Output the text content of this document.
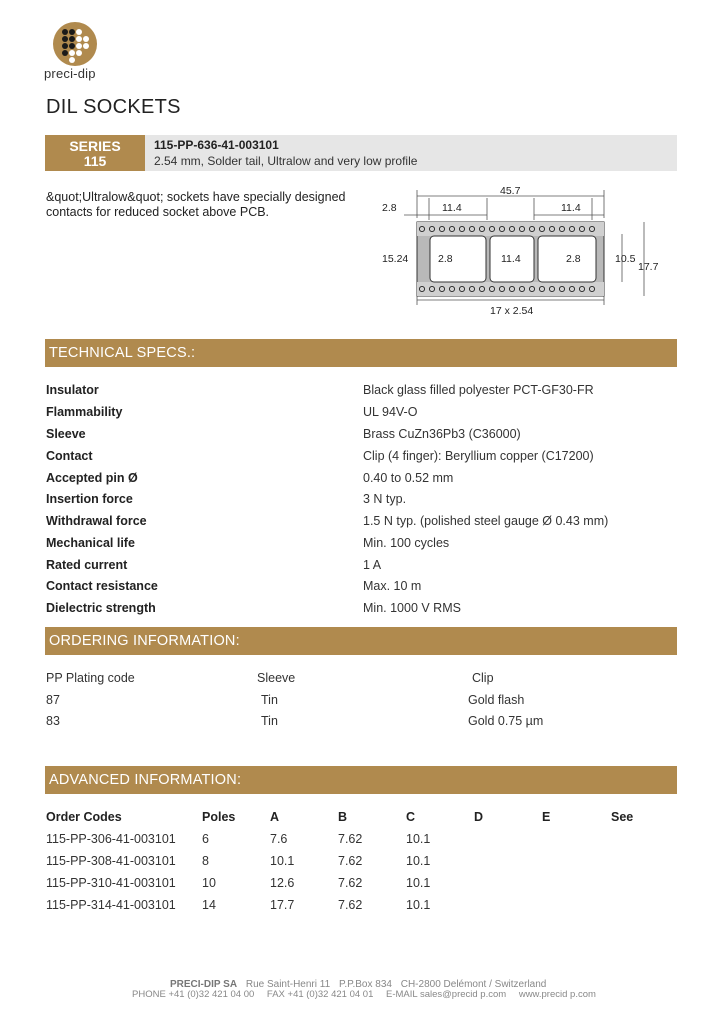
preci-dip
DIL SOCKETS
SERIES
115
115-PP-636-41-003101
2.54 mm, Solder tail, Ultralow and very low profile
&quot;Ultralow&quot; sockets have specially designed contacts for reduced socket above PCB.
45.7
2.8	11.4	11.4
15.24	2.8	11.4	2.8	10.5
17.7
17 x 2.54
TECHNICAL SPECS.:
Insulator	Black glass filled polyester PCT-GF30-FR
Flammability	UL 94V-O
Sleeve	Brass CuZn36Pb3 (C36000)
Contact	Clip (4 finger): Beryllium copper (C17200)
Accepted pin Ø	0.40 to 0.52 mm
Insertion force	3 N typ.
Withdrawal force	1.5 N typ. (polished steel gauge Ø 0.43 mm)
Mechanical life	Min. 100 cycles
Rated current	1 A
Contact resistance	Max. 10 m
Dielectric strength	Min. 1000 V RMS
ORDERING INFORMATION:
PP Plating code	Sleeve	Clip
87	Tin	Gold flash
83	Tin	Gold 0.75 µm
ADVANCED INFORMATION:
Order Codes	Poles	A	B	C	D	E	See
115-PP-306-41-003101 6	7.6	7.62	10.1
115-PP-308-41-003101 8	10.1	7.62	10.1
115-PP-310-41-003101 10	12.6	7.62	10.1
115-PP-314-41-003101 14	17.7	7.62	10.1
PRECI-DIP SA Rue Saint-Henri 11 P.P.Box 834 CH-2800 Delémont / Switzerland
PHONE +41 (0)32 421 04 00 FAX +41 (0)32 421 04 01 E-MAIL sales@precid p.com www.precid p.com
